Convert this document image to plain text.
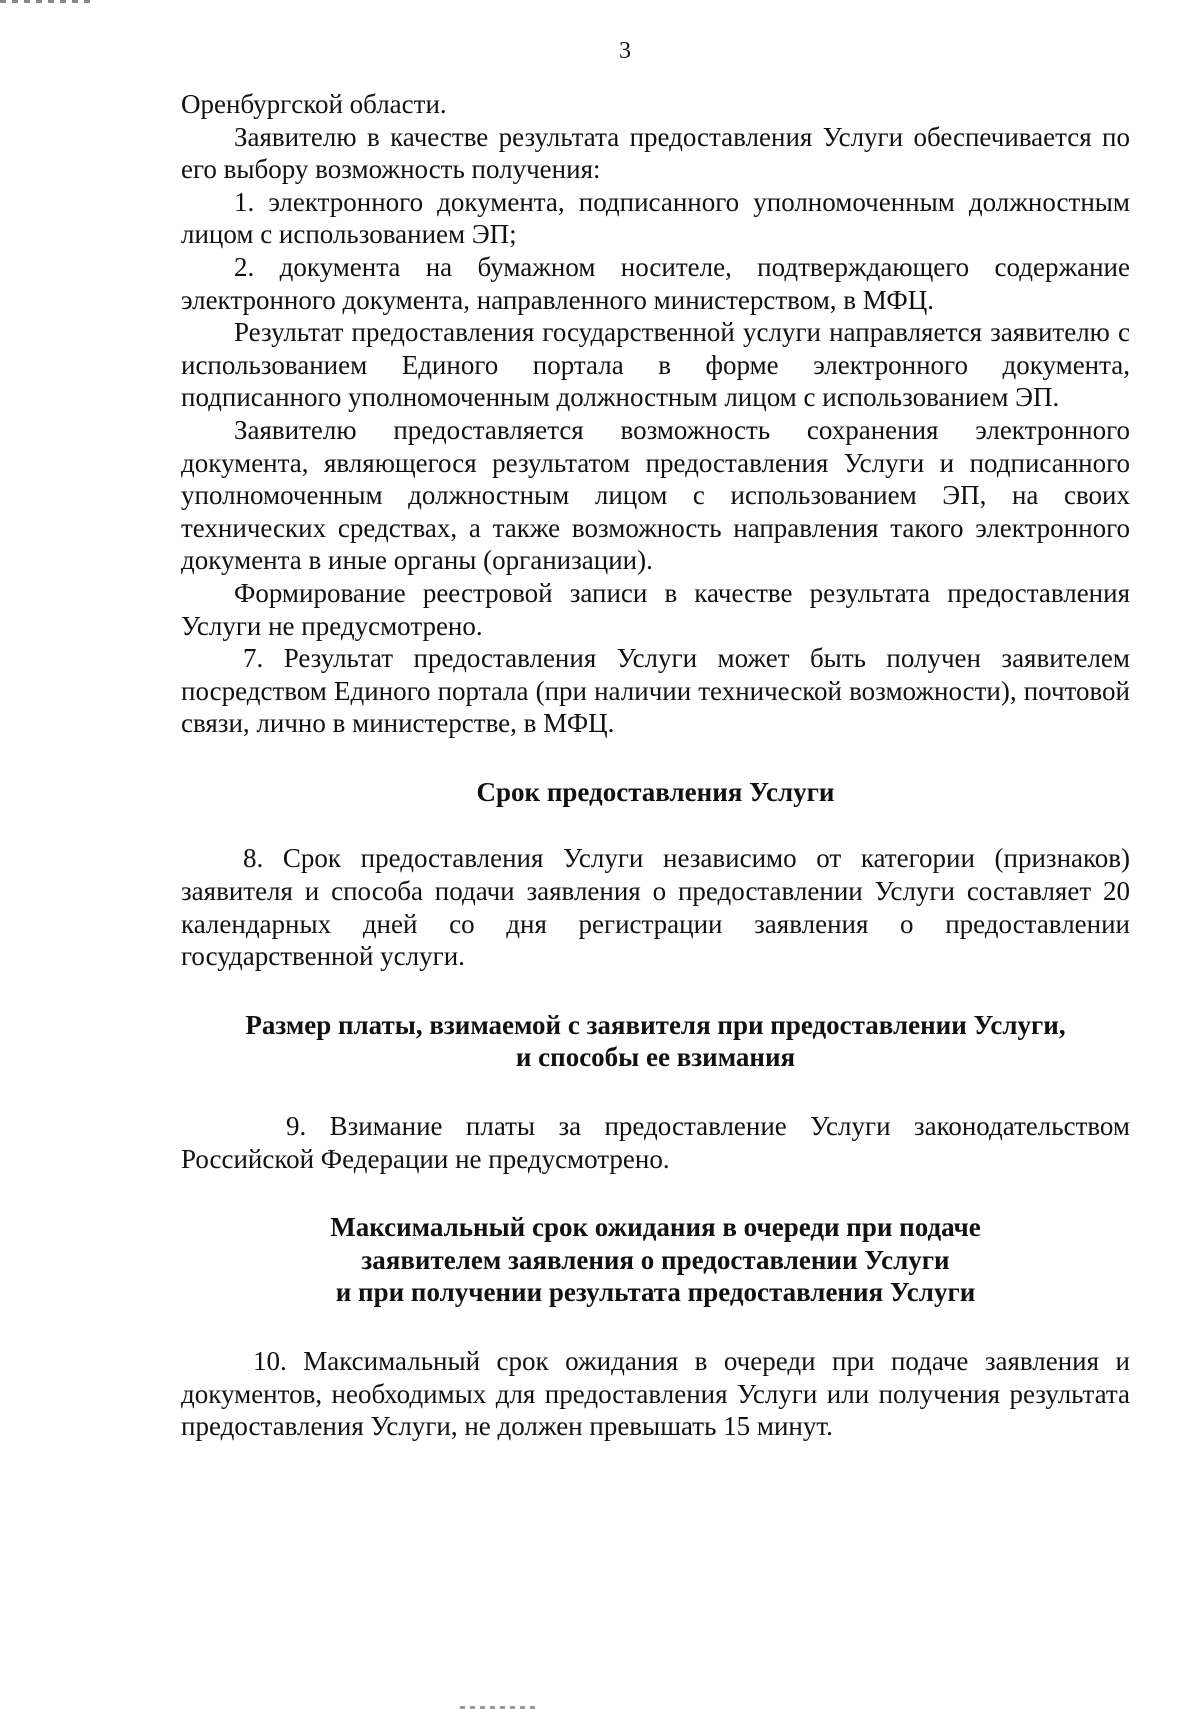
3

Оренбургской области.

Заявителю в качестве результата предоставления Услуги обеспечивается по его выбору возможность получения:

1. электронного документа, подписанного уполномоченным должностным лицом с использованием ЭП;

2. документа на бумажном носителе, подтверждающего содержание электронного документа, направленного министерством, в МФЦ.

Результат предоставления государственной услуги направляется заявителю с использованием Единого портала в форме электронного документа, подписанного уполномоченным должностным лицом с использованием ЭП.

Заявителю предоставляется возможность сохранения электронного документа, являющегося результатом предоставления Услуги и подписанного уполномоченным должностным лицом с использованием ЭП, на своих технических средствах, а также возможность направления такого электронного документа в иные органы (организации).

Формирование реестровой записи в качестве результата предоставления Услуги не предусмотрено.

7. Результат предоставления Услуги может быть получен заявителем посредством Единого портала (при наличии технической возможности), почтовой связи, лично в министерстве, в МФЦ.

Срок предоставления Услуги

8. Срок предоставления Услуги независимо от категории (признаков) заявителя и способа подачи заявления о предоставлении Услуги составляет 20 календарных дней со дня регистрации заявления о предоставлении государственной услуги.

Размер платы, взимаемой с заявителя при предоставлении Услуги,
и способы ее взимания

9. Взимание платы за предоставление Услуги законодательством Российской Федерации не предусмотрено.

Максимальный срок ожидания в очереди при подаче
заявителем заявления о предоставлении Услуги
и при получении результата предоставления Услуги

10. Максимальный срок ожидания в очереди при подаче заявления и документов, необходимых для предоставления Услуги или получения результата предоставления Услуги, не должен превышать 15 минут.
